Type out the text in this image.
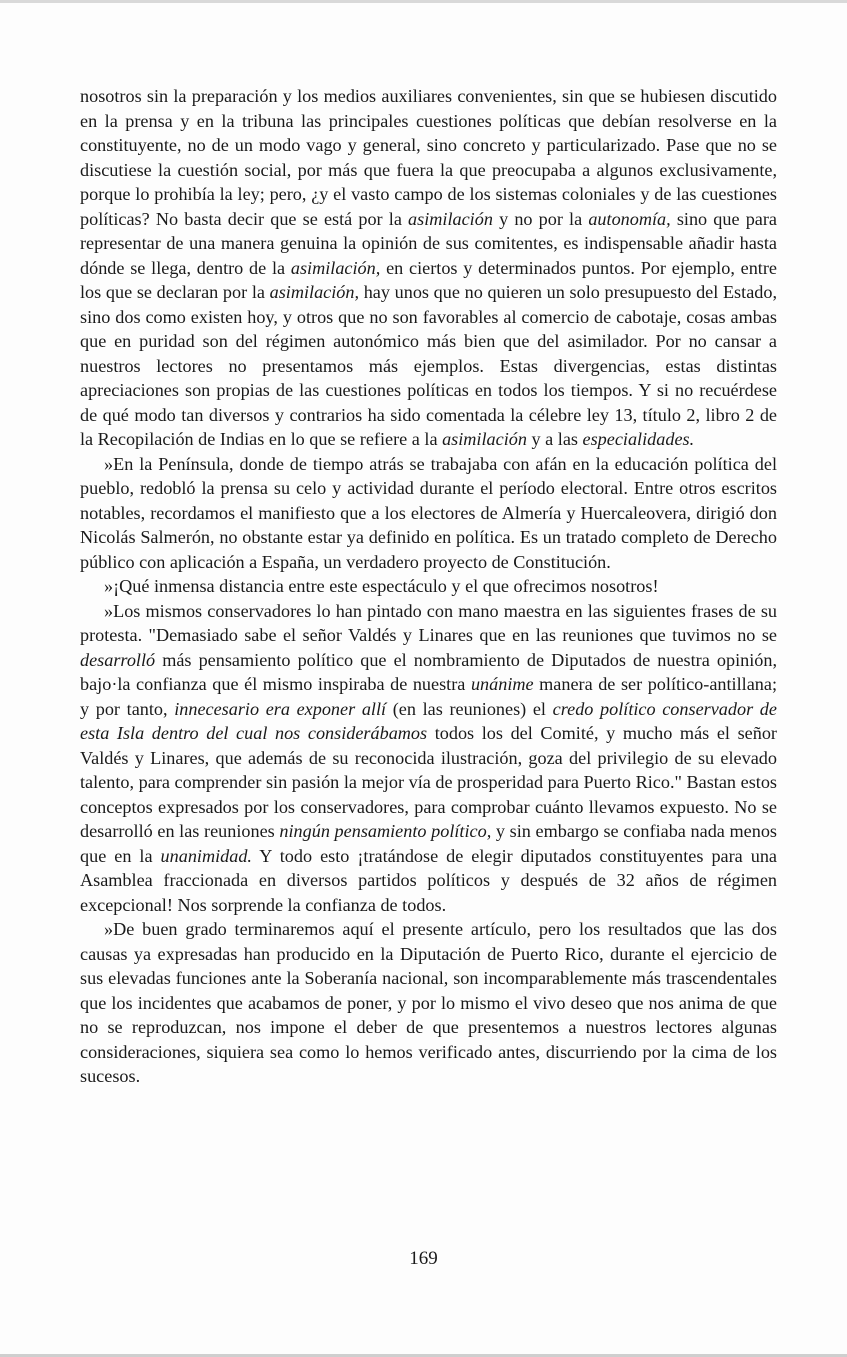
nosotros sin la preparación y los medios auxiliares convenientes, sin que se hubiesen discutido en la prensa y en la tribuna las principales cuestiones políticas que debían resolverse en la constituyente, no de un modo vago y general, sino concreto y particularizado. Pase que no se discutiese la cuestión social, por más que fuera la que preocupaba a algunos exclusivamente, porque lo prohibía la ley; pero, ¿y el vasto campo de los sistemas coloniales y de las cuestiones políticas? No basta decir que se está por la asimilación y no por la autonomía, sino que para representar de una manera genuina la opinión de sus comitentes, es indispensable añadir hasta dónde se llega, dentro de la asimilación, en ciertos y determinados puntos. Por ejemplo, entre los que se declaran por la asimilación, hay unos que no quieren un solo presupuesto del Estado, sino dos como existen hoy, y otros que no son favorables al comercio de cabotaje, cosas ambas que en puridad son del régimen autonómico más bien que del asimilador. Por no cansar a nuestros lectores no presentamos más ejemplos. Estas divergencias, estas distintas apreciaciones son propias de las cuestiones políticas en todos los tiempos. Y si no recuérdese de qué modo tan diversos y contrarios ha sido comentada la célebre ley 13, título 2, libro 2 de la Recopilación de Indias en lo que se refiere a la asimilación y a las especialidades.

»En la Península, donde de tiempo atrás se trabajaba con afán en la educación política del pueblo, redobló la prensa su celo y actividad durante el período electoral. Entre otros escritos notables, recordamos el manifiesto que a los electores de Almería y Huercaleovera, dirigió don Nicolás Salmerón, no obstante estar ya definido en política. Es un tratado completo de Derecho público con aplicación a España, un verdadero proyecto de Constitución.

»¡Qué inmensa distancia entre este espectáculo y el que ofrecimos nosotros!

»Los mismos conservadores lo han pintado con mano maestra en las siguientes frases de su protesta. "Demasiado sabe el señor Valdés y Linares que en las reuniones que tuvimos no se desarrolló más pensamiento político que el nombramiento de Diputados de nuestra opinión, bajo·la confianza que él mismo inspiraba de nuestra unánime manera de ser político-antillana; y por tanto, innecesario era exponer allí (en las reuniones) el credo político conservador de esta Isla dentro del cual nos considerábamos todos los del Comité, y mucho más el señor Valdés y Linares, que además de su reconocida ilustración, goza del privilegio de su elevado talento, para comprender sin pasión la mejor vía de prosperidad para Puerto Rico." Bastan estos conceptos expresados por los conservadores, para comprobar cuánto llevamos expuesto. No se desarrolló en las reuniones ningún pensamiento político, y sin embargo se confiaba nada menos que en la unanimidad. Y todo esto ¡tratándose de elegir diputados constituyentes para una Asamblea fraccionada en diversos partidos políticos y después de 32 años de régimen excepcional! Nos sorprende la confianza de todos.

»De buen grado terminaremos aquí el presente artículo, pero los resultados que las dos causas ya expresadas han producido en la Diputación de Puerto Rico, durante el ejercicio de sus elevadas funciones ante la Soberanía nacional, son incomparablemente más trascendentales que los incidentes que acabamos de poner, y por lo mismo el vivo deseo que nos anima de que no se reproduzcan, nos impone el deber de que presentemos a nuestros lectores algunas consideraciones, siquiera sea como lo hemos verificado antes, discurriendo por la cima de los sucesos.

169
